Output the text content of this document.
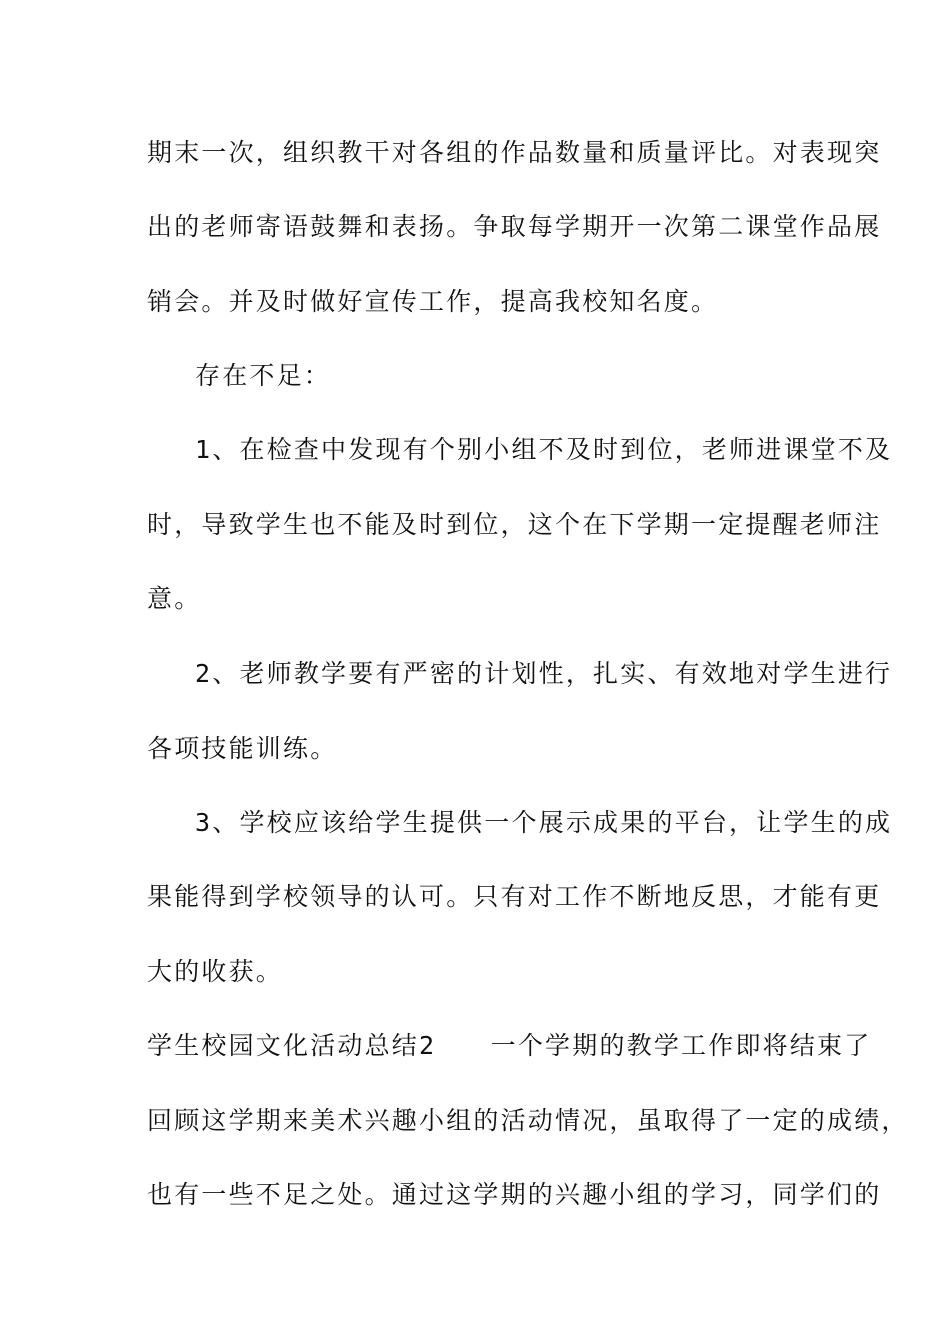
期末一次，组织教干对各组的作品数量和质量评比。对表现突
出的老师寄语鼓舞和表扬。争取每学期开一次第二课堂作品展
销会。并及时做好宣传工作，提高我校知名度。
存在不足：
1、在检查中发现有个别小组不及时到位，老师进课堂不及
时，导致学生也不能及时到位，这个在下学期一定提醒老师注
意。
2、老师教学要有严密的计划性，扎实、有效地对学生进行
各项技能训练。
3、学校应该给学生提供一个展示成果的平台，让学生的成
果能得到学校领导的认可。只有对工作不断地反思，才能有更
大的收获。
学生校园文化活动总结2　　一个学期的教学工作即将结束了
回顾这学期来美术兴趣小组的活动情况，虽取得了一定的成绩，
也有一些不足之处。通过这学期的兴趣小组的学习，同学们的
